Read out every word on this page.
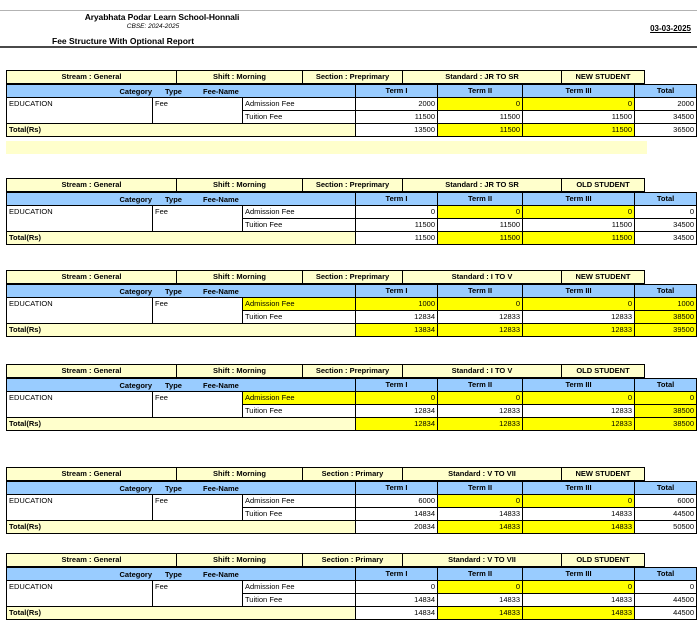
Aryabhata Podar Learn School-Honnali
CBSE: 2024-2025	03-03-2025
Fee Structure With Optional Report
Stream : General	Shift : Morning	Section : Preprimary	Standard : JR TO SR	NEW STUDENT	
Category Type Fee-Name			Term I	Term II	Term III	Total
EDUCATION	Fee	Admission Fee	2000	0	0	2000
		Tuition Fee	11500	11500	11500	34500
Total(Rs)			13500	11500	11500	36500
Stream : General	Shift : Morning	Section : Preprimary	Standard : JR TO SR	OLD STUDENT	
Category Type Fee-Name			Term I	Term II	Term III	Total
EDUCATION	Fee	Admission Fee	0	0	0	0
		Tuition Fee	11500	11500	11500	34500
Total(Rs)			11500	11500	11500	34500
Stream : General	Shift : Morning	Section : Preprimary	Standard : I TO V	NEW STUDENT	
Category Type Fee-Name			Term I	Term II	Term III	Total
EDUCATION	Fee	Admission Fee	1000	0	0	1000
		Tuition Fee	12834	12833	12833	38500
Total(Rs)			13834	12833	12833	39500
Stream : General	Shift : Morning	Section : Preprimary	Standard : I TO V	OLD STUDENT	
Category Type Fee-Name			Term I	Term II	Term III	Total
EDUCATION	Fee	Admission Fee	0	0	0	0
		Tuition Fee	12834	12833	12833	38500
Total(Rs)			12834	12833	12833	38500
Stream : General	Shift : Morning	Section : Primary	Standard : V TO VII	NEW STUDENT	
Category Type Fee-Name			Term I	Term II	Term III	Total
EDUCATION	Fee	Admission Fee	6000	0	0	6000
		Tuition Fee	14834	14833	14833	44500
Total(Rs)			20834	14833	14833	50500
Stream : General	Shift : Morning	Section : Primary	Standard : V TO VII	OLD STUDENT	
Category Type Fee-Name			Term I	Term II	Term III	Total
EDUCATION	Fee	Admission Fee	0	0	0	0
		Tuition Fee	14834	14833	14833	44500
Total(Rs)			14834	14833	14833	44500
